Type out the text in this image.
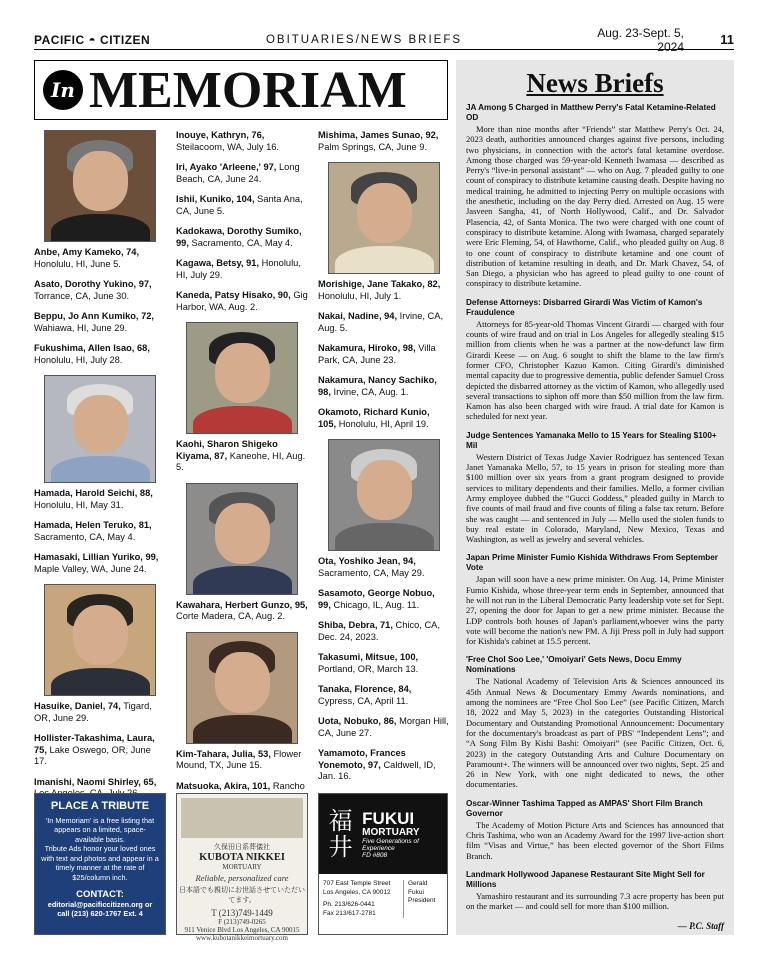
PACIFIC ◓ CITIZEN	OBITUARIES/NEWS BRIEFS	Aug. 23-Sept. 5, 2024	11
In MEMORIAM
Anbe, Amy Kameko, 74, Honolulu, HI, June 5.
Asato, Dorothy Yukino, 97, Torrance, CA, June 30.
Beppu, Jo Ann Kumiko, 72, Wahiawa, HI, June 29.
Fukushima, Allen Isao, 68, Honolulu, HI, July 28.
Hamada, Harold Seichi, 88, Honolulu, HI, May 31.
Hamada, Helen Teruko, 81, Sacramento, CA, May 4.
Hamasaki, Lillian Yuriko, 99, Maple Valley, WA, June 24.
Hasuike, Daniel, 74, Tigard, OR, June 29.
Hollister-Takashima, Laura, 75, Lake Oswego, OR, June 17.
Imanishi, Naomi Shirley, 65,
Inouye, Kathryn, 76, Steilacoom, WA, July 16.
Iri, Ayako 'Arleene,' 97, Long Beach, CA, June 24.
Ishii, Kuniko, 104, Santa Ana, CA, June 5.
Kadokawa, Dorothy Sumiko, 99, Sacramento, CA, May 4.
Kagawa, Betsy, 91, Honolulu, HI, July 29.
Kaneda, Patsy Hisako, 90, Gig Harbor, WA, Aug. 2.
Kaohi, Sharon Shigeko Kiyama, 87, Kaneohe, HI, Aug. 5.
Kawahara, Herbert Gunzo, 95, Corte Madera, CA, Aug. 2.
Kim-Tahara, Julia, 53, Flower Mound, TX, June 15.
Matsuoka, Akira, 101, Rancho
Mishima, James Sunao, 92, Palm Springs, CA, June 9.
Morishige, Jane Takako, 82, Honolulu, HI, July 1.
Nakai, Nadine, 94, Irvine, CA, Aug. 5.
Nakamura, Hiroko, 98, Villa Park, CA, June 23.
Nakamura, Nancy Sachiko, 98, Irvine, CA, Aug. 1.
Okamoto, Richard Kunio, 105, Honolulu, HI, April 19.
Ota, Yoshiko Jean, 94, Sacramento, CA, May 29.
Sasamoto, George Nobuo, 99, Chicago, IL, Aug. 11.
Shiba, Debra, 71, Chico, CA, Dec. 24, 2023.
Takasumi, Mitsue, 100, Portland, OR, March 13.
Tanaka, Florence, 84, Cypress, CA, April 11.
Uota, Nobuko, 86, Morgan Hill, CA, June 27.
Yamamoto, Frances Yonemoto, 97, Caldwell, ID, Jan. 16.
News Briefs
JA Among 5 Charged in Matthew Perry's Fatal Ketamine-Related OD

More than nine months after “Friends” star Matthew Perry's Oct. 24, 2023 death, authorities announced charges against five persons, including two physicians, in connection with the actor's fatal ketamine overdose. Among those charged was 59-year-old Kenneth Iwamasa — described as Perry's “live-in personal assistant” — who on Aug. 7 pleaded guilty to one count of conspiracy to distribute ketamine causing death. Despite having no medical training, he admitted to injecting Perry on multiple occasions with the anesthetic, including on the day Perry died. Arrested on Aug. 15 were Jasveen Sangha, 41, of North Hollywood, Calif., and Dr. Salvador Plasencia, 42, of Santa Monica. The two were charged with one count of conspiracy to distribute ketamine. Along with Iwamasa, charged separately were Eric Fleming, 54, of Hawthorne, Calif., who pleaded guilty on Aug. 8 to one count of conspiracy to distribute ketamine and one count of distribution of ketamine resulting in death, and Dr. Mark Chavez, 54, of San Diego, a physician who has agreed to plead guilty to one count of conspiracy to distribute ketamine.

Defense Attorneys: Disbarred Girardi Was Victim of Kamon's Fraudulence

Attorneys for 85-year-old Thomas Vincent Girardi — charged with four counts of wire fraud and on trial in Los Angeles for allegedly stealing $15 million from clients when he was a partner at the now-defunct law firm Girardi Keese — on Aug. 6 sought to shift the blame to the law firm's former CFO, Christopher Kazuo Kamon. Citing Girardi's diminished mental capacity due to progressive dementia, public defender Samuel Cross depicted the disbarred attorney as the victim of Kamon, who allegedly used several transactions to siphon off more than $50 million from the law firm. Kamon has also been charged with wire fraud. A trial date for Kamon is scheduled for next year.

Judge Sentences Yamanaka Mello to 15 Years for Stealing $100+ Mil

Western District of Texas Judge Xavier Rodriguez has sentenced Texan Janet Yamanaka Mello, 57, to 15 years in prison for stealing more than $100 million over six years from a grant program designed to provide services to military dependents and their families. Mello, a former civilian Army employee dubbed the “Gucci Goddess,” pleaded guilty in March to five counts of mail fraud and five counts of filing a false tax return. Before she was caught — and sentenced in July — Mello used the stolen funds to buy real estate in Colorado, Maryland, New Mexico, Texas and Washington, as well as jewelry and several vehicles.

Japan Prime Minister Fumio Kishida Withdraws From September Vote

Japan will soon have a new prime minister. On Aug. 14, Prime Minister Fumio Kishida, whose three-year term ends in September, announced that he will not run in the Liberal Democratic Party leadership vote set for Sept. 27, opening the door for Japan to get a new prime minister. Because the LDP controls both houses of Japan's parliament,whoever wins the party vote will become the nation's new PM. A Jiji Press poll in July had support for Kishida's cabinet at 15.5 percent.

'Free Chol Soo Lee,' 'Omoiyari' Gets News, Docu Emmy Nominations

The National Academy of Television Arts & Sciences announced its 45th Annual News & Documentary Emmy Awards nominations, and among the nominees are “Free Chol Soo Lee” (see Pacific Citizen, March 18, 2022 and May 5, 2023) in the categories Outstanding Historical Documentary and Outstanding Promotional Announcement: Documentary for the documentary's broadcast as part of PBS' “Independent Lens”; and “A Song Film By Kishi Bashi: Omoiyari” (see Pacific Citizen, Oct. 6, 2023) in the category Outstanding Arts and Culture Documentary on Paramount+. The winners will be announced over two nights, Sept. 25 and 26 in New York, with one night dedicated to news, the other documentaries.

Oscar-Winner Tashima Tapped as AMPAS' Short Film Branch Governor

The Academy of Motion Picture Arts and Sciences has announced that Chris Tashima, who won an Academy Award for the 1997 live-action short film “Visas and Virtue,” has been elected governor of the Short Films Branch.

Landmark Hollywood Japanese Restaurant Site Might Sell for Millions

Yamashiro restaurant and its surrounding 7.3 acre property has been put on the market — and could sell for more than $100 million.

— P.C. Staff
PLACE A TRIBUTE
'In Memoriam' is a free listing that appears on a limited, space-available basis.
Tribute Ads honor your loved ones with text and photos and appear in a timely manner at the rate of $25/column inch.
CONTACT:
editorial@pacificcitizen.org or call (213) 620-1767 Ext. 4
久保田日系葬儀社
KUBOTA NIKKEI
MORTUARY
Reliable, personalized care
日本語でも親切にお世話させていただいてます。
T (213)749-1449
F (213)749-0265
911 Venice Blvd Los Angeles, CA 90015
www.kubotanikkeimortuary.com
福井
FUKUI
MORTUARY
Five Generations of Experience
FD #808
707 East Temple Street
Los Angeles, CA 90012
Ph. 213/626-0441
Fax 213/617-2781
Gerald
Fukui
President
